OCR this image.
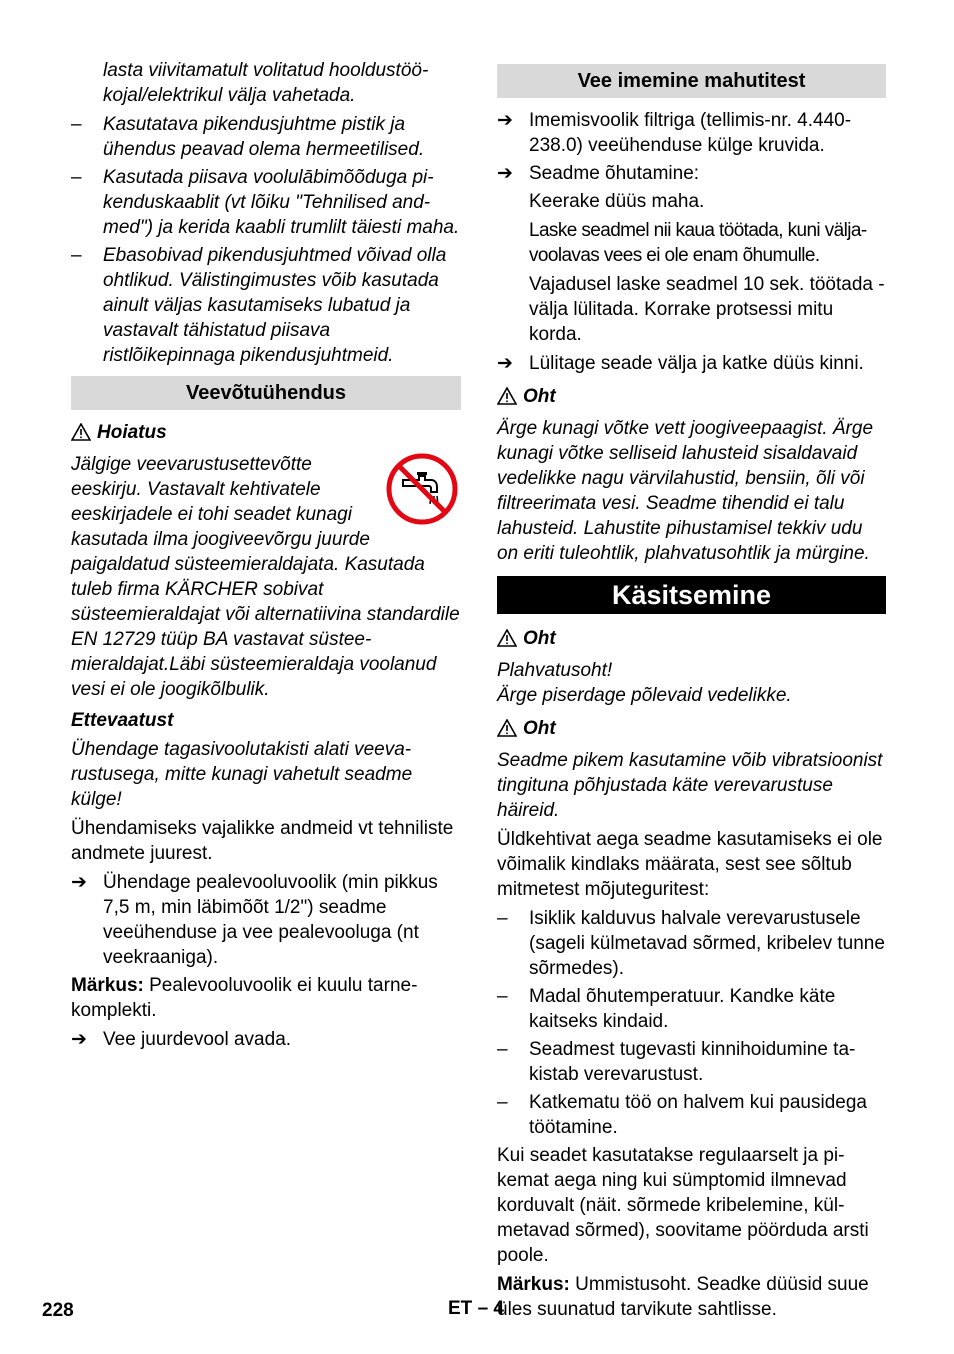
lasta viivitamatult volitatud hooldustöökojal/elektrikul välja vahetada.

– Kasutatava pikendusjuhtme pistik ja ühendus peavad olema hermeetilised.

– Kasutada piisava voolulābimõõduga pikenduskaablit (vt lõiku "Tehnilised andmed") ja kerida kaabli trumlilt täiesti maha.

– Ebasobivad pikendusjuhtmed võivad olla ohtlikud. Välistingimustes võib kasutada ainult väljas kasutamiseks lubatud ja vastavalt tähistatud piisava ristlõikepinnaga pikendusjuhtmeid.

Veevõtuühendus
Hoiatus
Jälgige veevarustusettevõtte eeskirju. Vastavalt kehtivatele eeskirjadele ei tohi seadet kunagi kasutada ilma joogiveevõrgu juurde paigaldatud süsteemieraldajata. Kasutada tuleb firma KÄRCHER sobivat süsteemieraldajat või alternatiivina standardile EN 12729 tüüp BA vastavat süsteemieraldajat.Läbi süsteemieraldaja voolanud vesi ei ole joogikõlbulik.

Ettevaatust

Ühendage tagasivoolutakisti alati veevarustusega, mitte kunagi vahetult seadme külge!

Ühendamiseks vajalikke andmeid vt tehniliste andmete juurest.

➔ Ühendage pealevooluvoolik (min pikkus 7,5 m, min läbimõõt 1/2") seadme veeühenduse ja vee pealevooluga (nt veekraaniga).

Märkus: Pealevooluvoolik ei kuulu tarnekomplekti.

➔ Vee juurdevool avada.
Vee imemine mahutitest
➔ Imemisvoolik filtriga (tellimis-nr. 4.440-238.0) veeühenduse külge kruvida.
➔ Seadme õhutamine:

Keerake düüs maha.

Laske seadmel nii kaua töötada, kuni väljavoolavas vees ei ole enam õhumulle.

Vajadusel laske seadmel 10 sek. töötada - välja lülitada. Korrake protsessi mitu korda.

➔ Lülitage seade välja ja katke düüs kinni.
Oht

Ärge kunagi võtke vett joogiveepaagist. Ärge kunagi võtke selliseid lahusteid sisaldavaid vedelikke nagu värvilahustid, bensiin, õli või filtreerimata vesi. Seadme tihendid ei talu lahusteid. Lahustite pihustamisel tekkiv udu on eriti tuleohtlik, plahvatusohtlik ja mürgine.

Käsitsemine
Oht

Plahvatusoht!

Ärge piserdage põlevaid vedelikke.

Oht

Seadme pikem kasutamine võib vibratsioonist tingituna põhjustada käte verevarustuse häireid.

Üldkehtivat aega seadme kasutamiseks ei ole võimalik kindlaks määrata, sest see sõltub mitmetest mõjuteguritest:

– Isiklik kalduvus halvale verevarustusele (sageli külmetavad sõrmed, kribelev tunne sõrmedes).

– Madal õhutemperatuur. Kandke käte kaitseks kindaid.

– Seadmest tugevasti kinnihoidumine takistab verevarustust.

– Katkematu töö on halvem kui pausidega töötamine.

Kui seadet kasutatakse regulaarselt ja pikemat aega ning kui sümptomid ilmnevad korduvalt (näit. sõrmede kribelemine, külmetavad sõrmed), soovitame pöörduda arsti poole.

Märkus: Ummistusoht. Seadke düüsid suue üles suunatud tarvikute sahtlisse.

228	ET – 4
